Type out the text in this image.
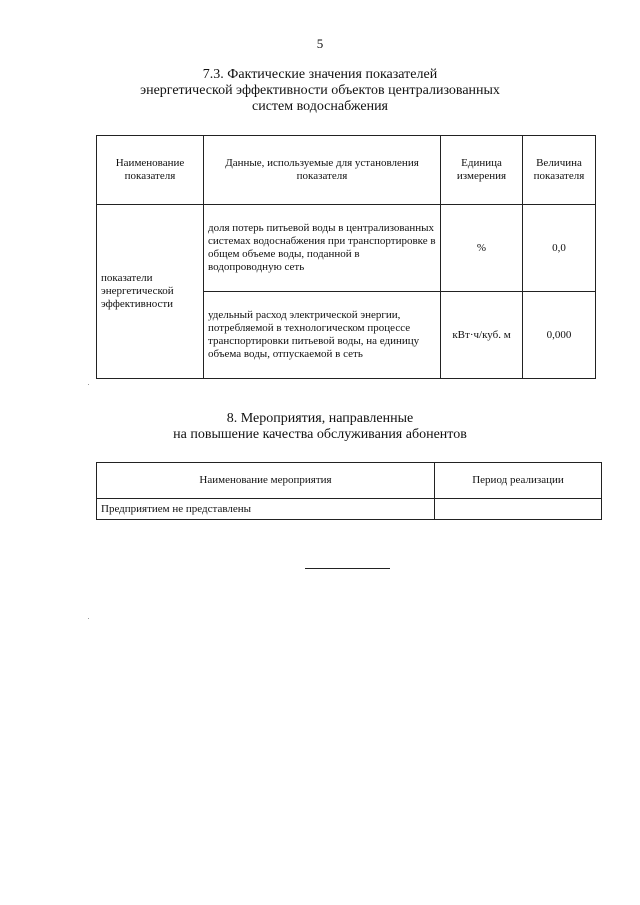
5
7.3. Фактические значения показателей
энергетической эффективности объектов централизованных
систем водоснабжения
Наименование показателя	Данные, используемые для установления показателя	Единица измерения	Величина показателя
показатели энергетической эффективности	доля потерь питьевой воды в централизованных системах водоснабжения при транспортировке в общем объеме воды, поданной в водопроводную сеть	%	0,0
	удельный расход электрической энергии, потребляемой в технологическом процессе транспортировки питьевой воды, на единицу объема воды, отпускаемой в сеть	кВт·ч/куб. м	0,000
8. Мероприятия, направленные
на повышение качества обслуживания абонентов
Наименование мероприятия	Период реализации
Предприятием не представлены	
